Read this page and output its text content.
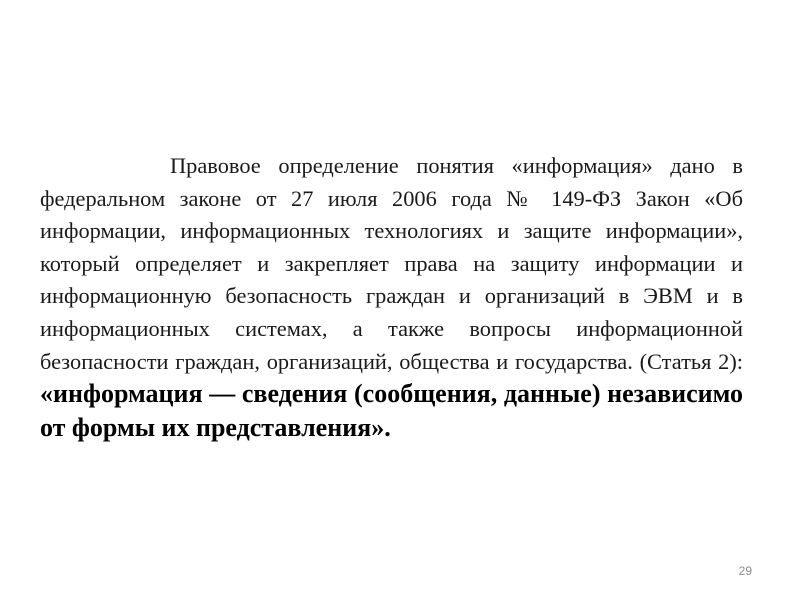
Правовое определение понятия «информация» дано в федеральном законе от 27 июля 2006 года № 149-ФЗ Закон «Об информации, информационных технологиях и защите информации», который определяет и закрепляет права на защиту информации и информационную безопасность граждан и организаций в ЭВМ и в информационных системах, а также вопросы информационной безопасности граждан, организаций, общества и государства. (Статья 2): «информация — сведения (сообщения, данные) независимо от формы их представления».

29
